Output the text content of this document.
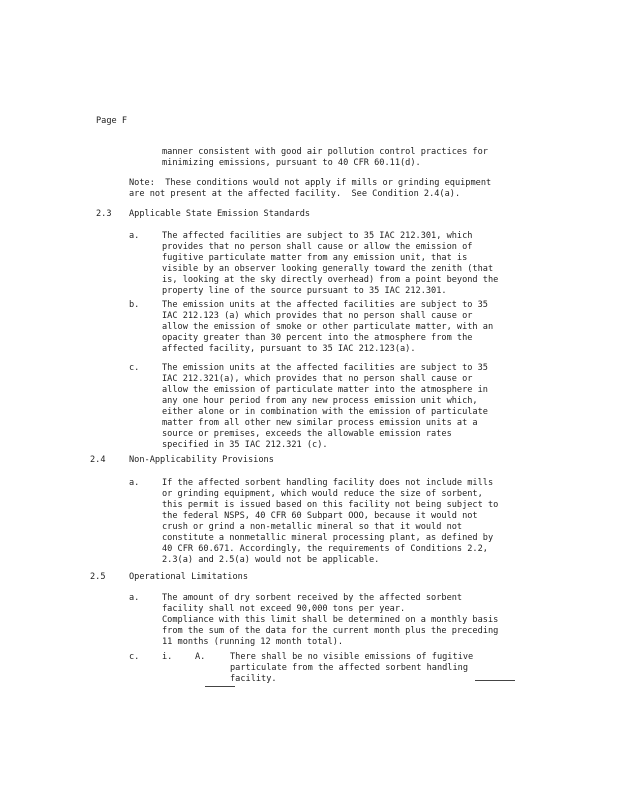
Page F
manner consistent with good air pollution control practices for
minimizing emissions, pursuant to 40 CFR 60.11(d).
Note:  These conditions would not apply if mills or grinding equipment
are not present at the affected facility.  See Condition 2.4(a).
2.3 Applicable State Emission Standards
a.	The affected facilities are subject to 35 IAC 212.301, which
provides that no person shall cause or allow the emission of
fugitive particulate matter from any emission unit, that is
visible by an observer looking generally toward the zenith (that
is, looking at the sky directly overhead) from a point beyond the
property line of the source pursuant to 35 IAC 212.301.
b.	The emission units at the affected facilities are subject to 35
IAC 212.123 (a) which provides that no person shall cause or
allow the emission of smoke or other particulate matter, with an
opacity greater than 30 percent into the atmosphere from the
affected facility, pursuant to 35 IAC 212.123(a).
c.	The emission units at the affected facilities are subject to 35
IAC 212.321(a), which provides that no person shall cause or
allow the emission of particulate matter into the atmosphere in
any one hour period from any new process emission unit which,
either alone or in combination with the emission of particulate
matter from all other new similar process emission units at a
source or premises, exceeds the allowable emission rates
specified in 35 IAC 212.321 (c).
2.4	Non-Applicability Provisions
a.	If the affected sorbent handling facility does not include mills
or grinding equipment, which would reduce the size of sorbent,
this permit is issued based on this facility not being subject to
the federal NSPS, 40 CFR 60 Subpart OOO, because it would not
crush or grind a non-metallic mineral so that it would not
constitute a nonmetallic mineral processing plant, as defined by
40 CFR 60.671. Accordingly, the requirements of Conditions 2.2,
2.3(a) and 2.5(a) would not be applicable.
2.5	Operational Limitations
a.	The amount of dry sorbent received by the affected sorbent
facility shall not exceed 90,000 tons per year.
Compliance with this limit shall be determined on a monthly basis
from the sum of the data for the current month plus the preceding
11 months (running 12 month total).
c.	i.	A.	There shall be no visible emissions of fugitive
particulate from the affected sorbent handling
facility.
